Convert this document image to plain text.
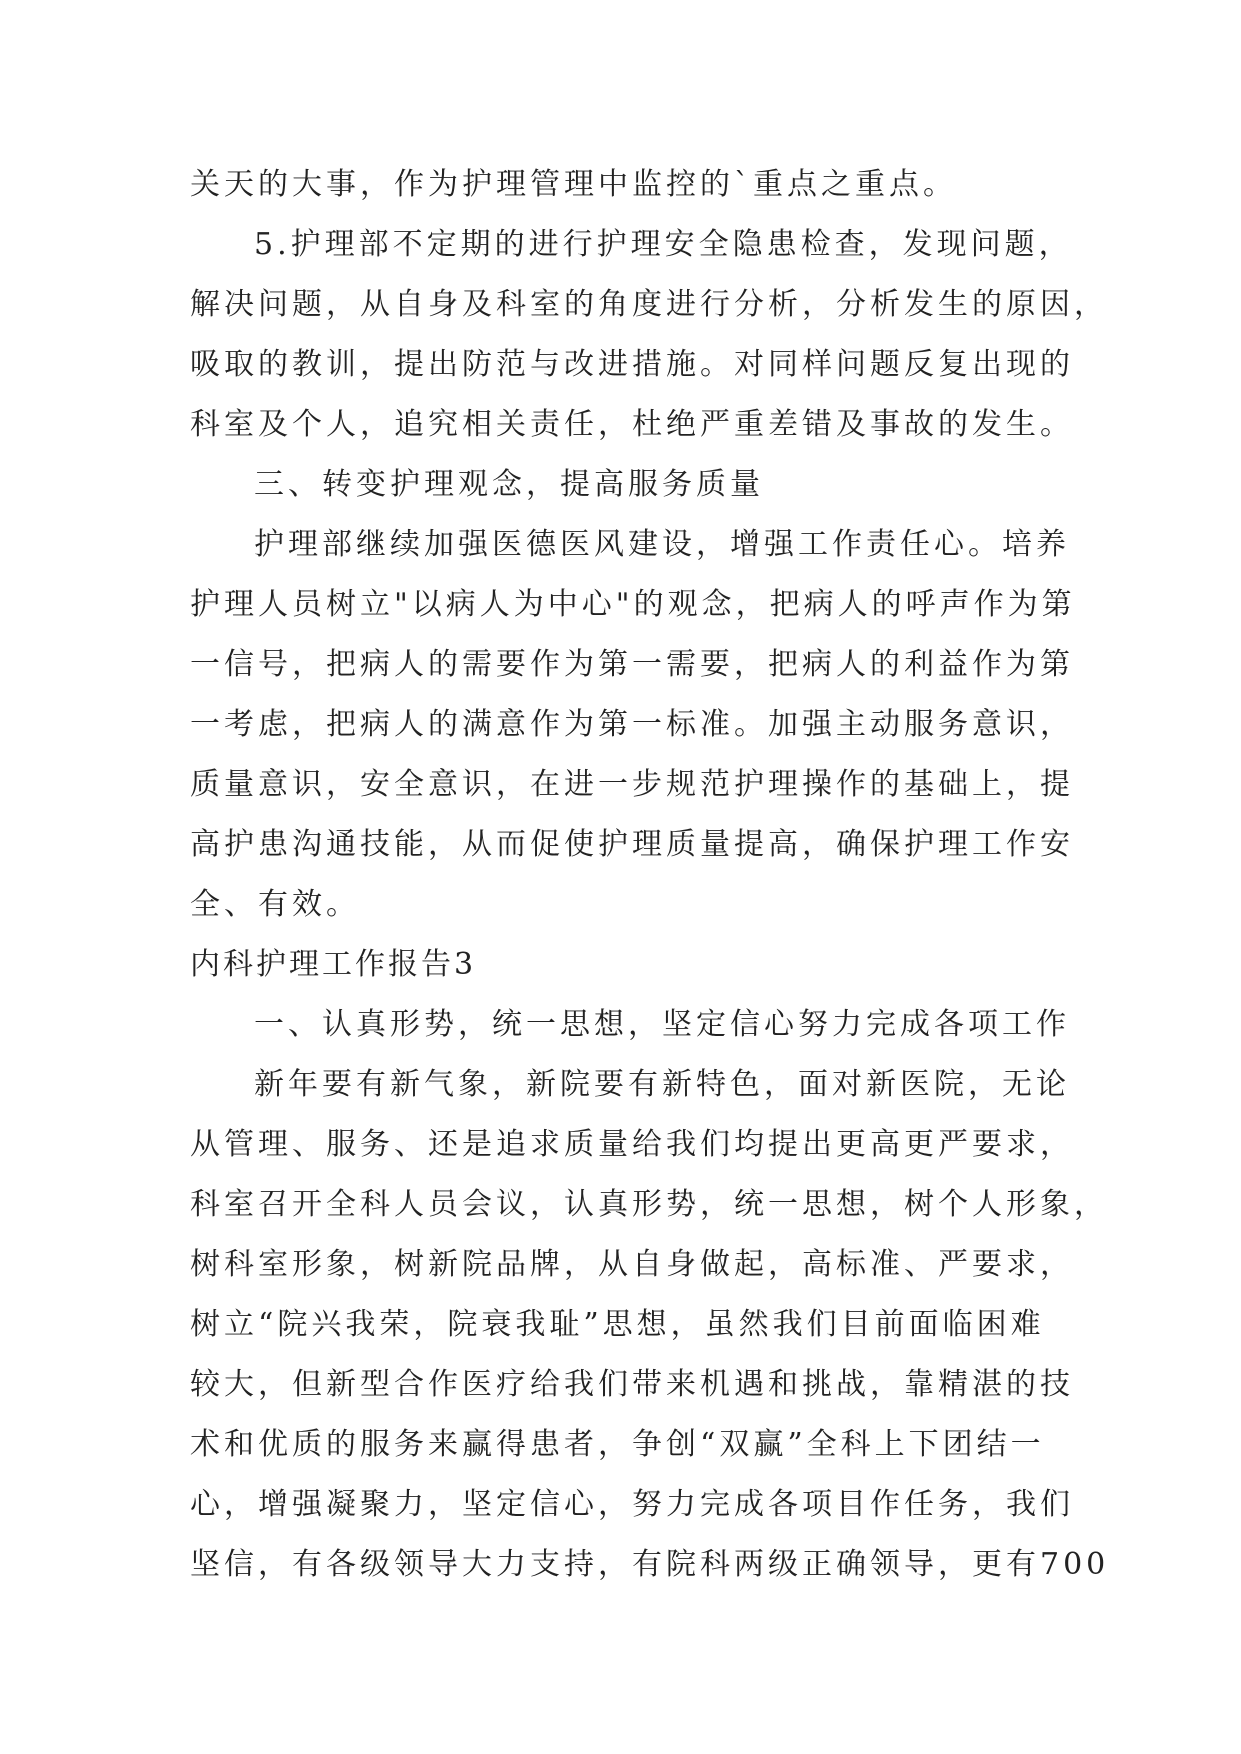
关天的大事，作为护理管理中监控的`重点之重点。
5.护理部不定期的进行护理安全隐患检查，发现问题，
解决问题，从自身及科室的角度进行分析，分析发生的原因，
吸取的教训，提出防范与改进措施。对同样问题反复出现的
科室及个人，追究相关责任，杜绝严重差错及事故的发生。
三、转变护理观念，提高服务质量
护理部继续加强医德医风建设，增强工作责任心。培养
护理人员树立"以病人为中心"的观念，把病人的呼声作为第
一信号，把病人的需要作为第一需要，把病人的利益作为第
一考虑，把病人的满意作为第一标准。加强主动服务意识，
质量意识，安全意识，在进一步规范护理操作的基础上，提
高护患沟通技能，从而促使护理质量提高，确保护理工作安
全、有效。
内科护理工作报告3
一、认真形势，统一思想，坚定信心努力完成各项工作
新年要有新气象，新院要有新特色，面对新医院，无论
从管理、服务、还是追求质量给我们均提出更高更严要求，
科室召开全科人员会议，认真形势，统一思想，树个人形象，
树科室形象，树新院品牌，从自身做起，高标准、严要求，
树立“院兴我荣，院衰我耻”思想，虽然我们目前面临困难
较大，但新型合作医疗给我们带来机遇和挑战，靠精湛的技
术和优质的服务来赢得患者，争创“双赢”全科上下团结一
心，增强凝聚力，坚定信心，努力完成各项目作任务，我们
坚信，有各级领导大力支持，有院科两级正确领导，更有700
